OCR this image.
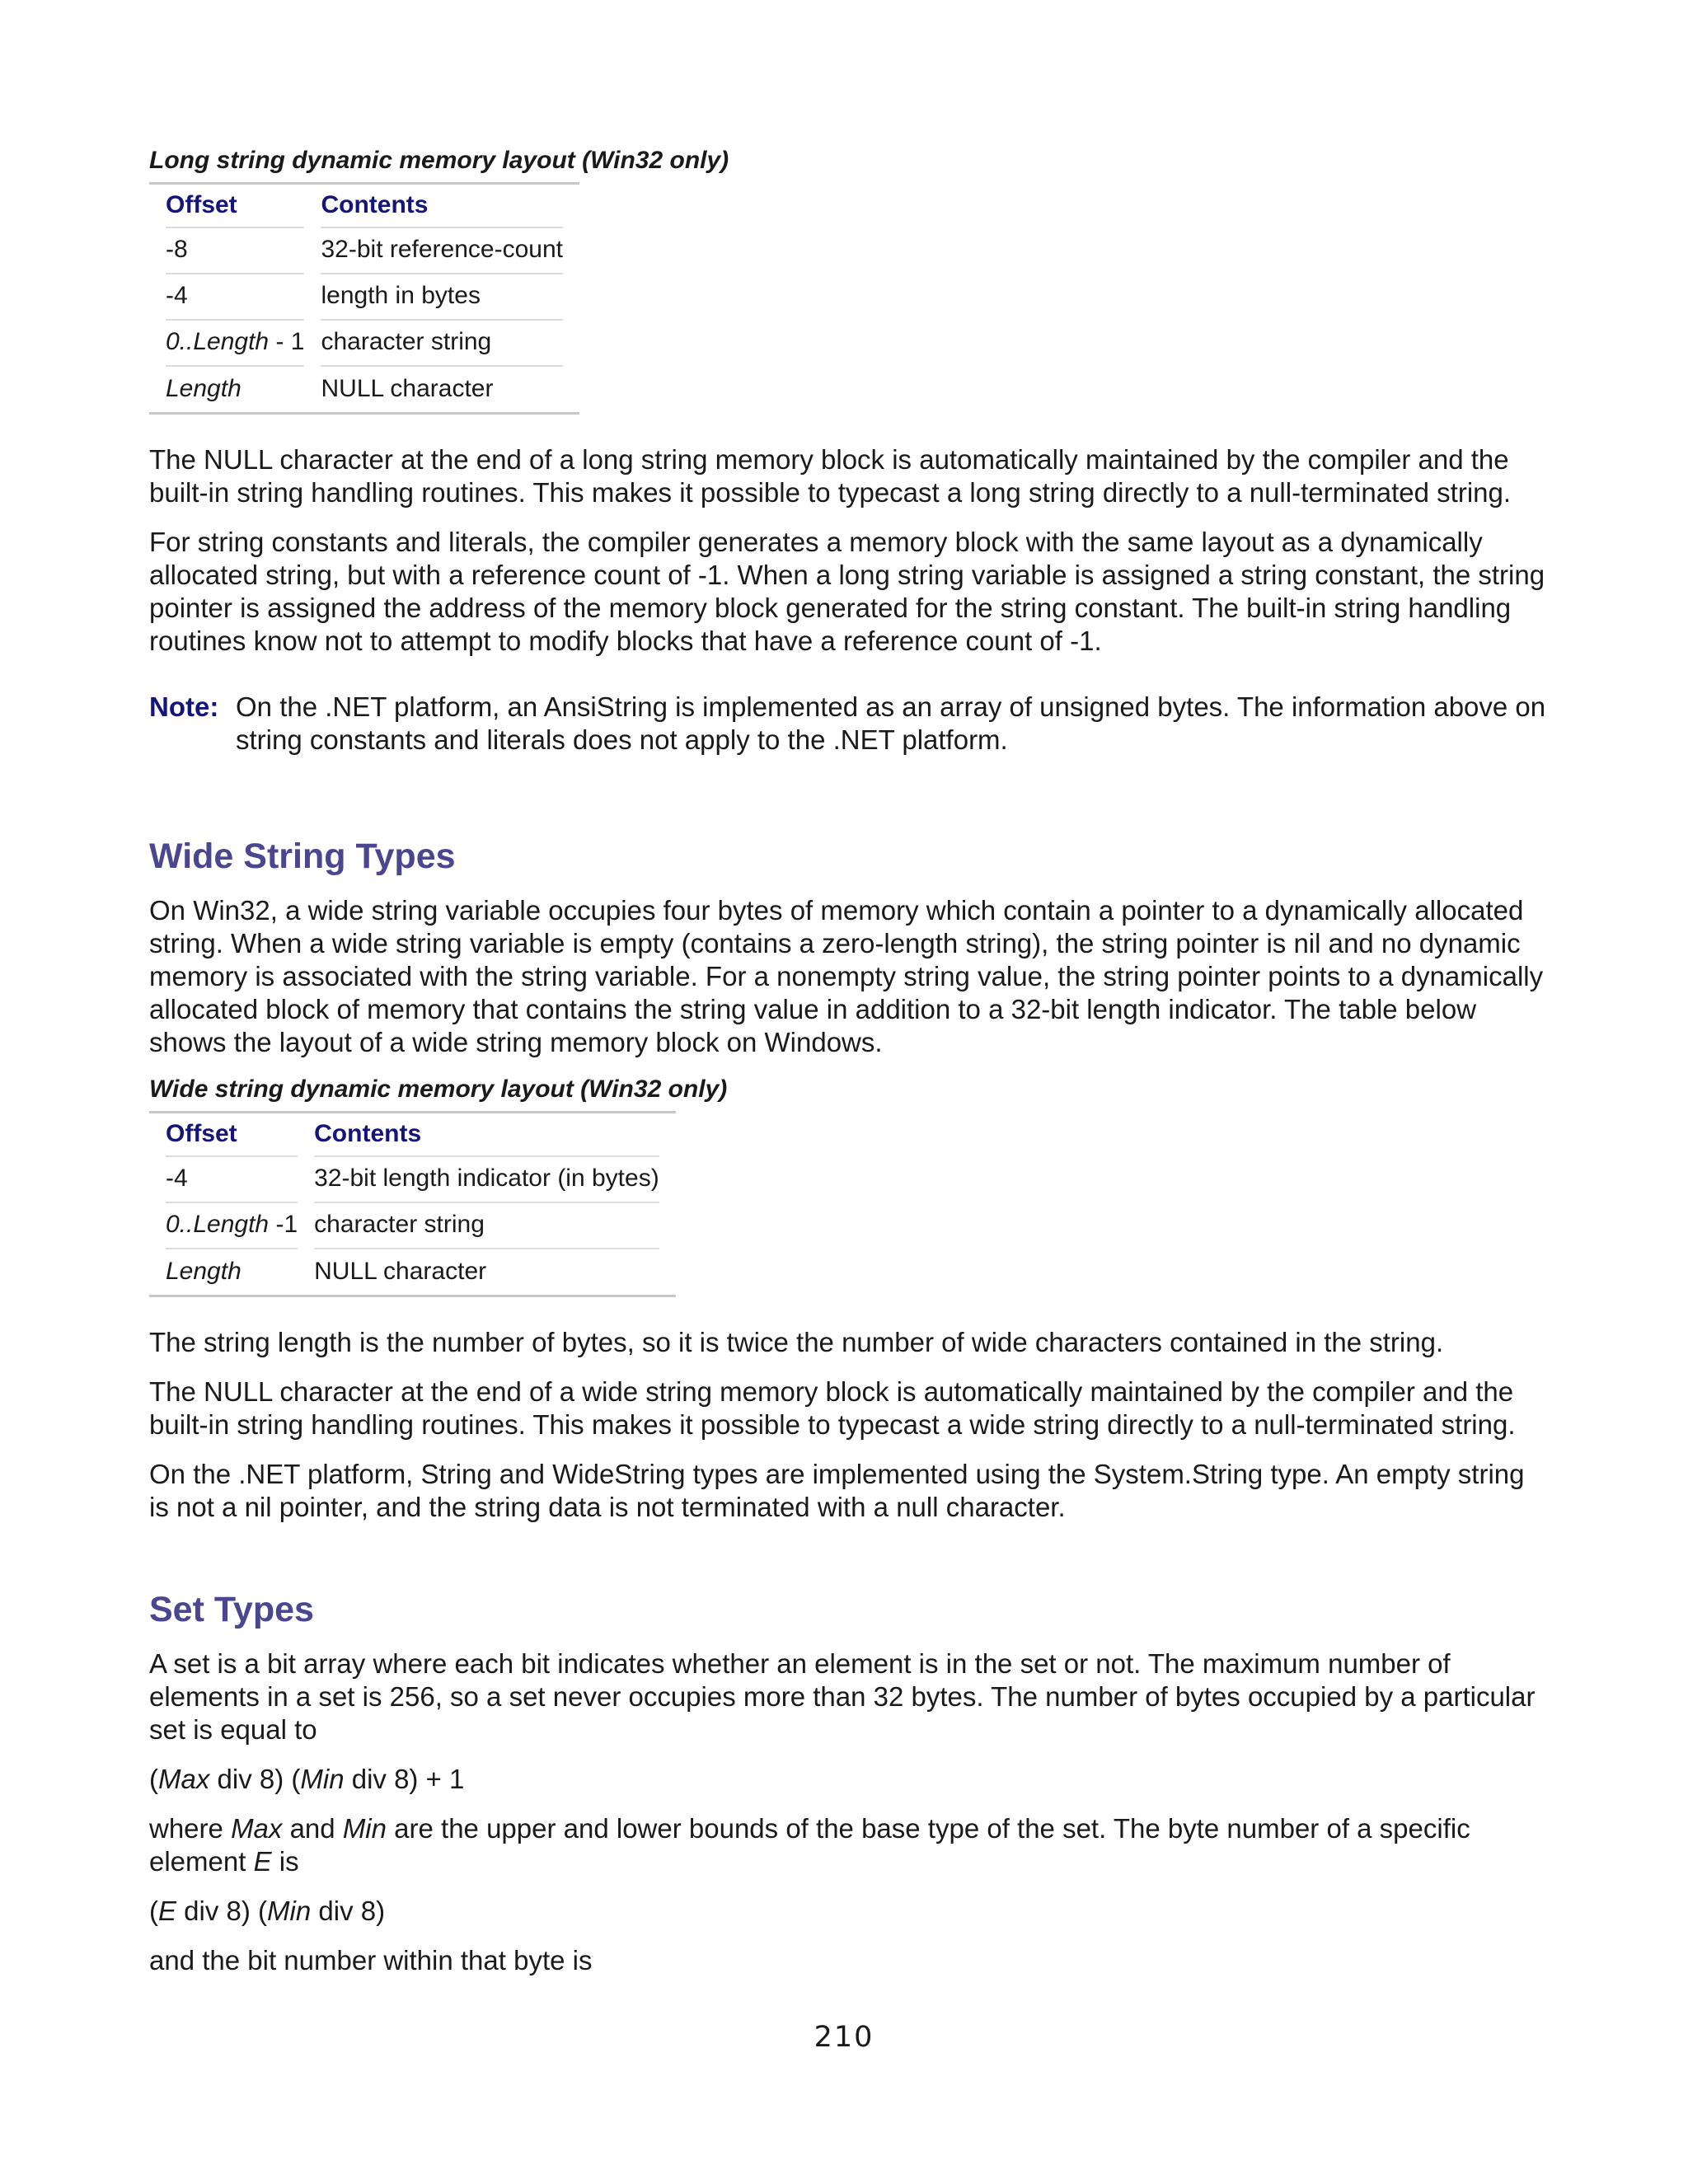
Long string dynamic memory layout (Win32 only)
Offset	Contents

-8	32-bit reference-count

-4	length in bytes

0..Length - 1	character string

Length	NULL character

The NULL character at the end of a long string memory block is automatically maintained by the compiler and the built-in string handling routines. This makes it possible to typecast a long string directly to a null-terminated string.

For string constants and literals, the compiler generates a memory block with the same layout as a dynamically allocated string, but with a reference count of -1. When a long string variable is assigned a string constant, the string pointer is assigned the address of the memory block generated for the string constant. The built-in string handling routines know not to attempt to modify blocks that have a reference count of -1.

Note: On the .NET platform, an AnsiString is implemented as an array of unsigned bytes. The information above on string constants and literals does not apply to the .NET platform.
Wide String Types

On Win32, a wide string variable occupies four bytes of memory which contain a pointer to a dynamically allocated string. When a wide string variable is empty (contains a zero-length string), the string pointer is nil and no dynamic memory is associated with the string variable. For a nonempty string value, the string pointer points to a dynamically allocated block of memory that contains the string value in addition to a 32-bit length indicator. The table below shows the layout of a wide string memory block on Windows.

Wide string dynamic memory layout (Win32 only)
Offset	Contents

-4	32-bit length indicator (in bytes)

0..Length -1	character string

Length	NULL character

The string length is the number of bytes, so it is twice the number of wide characters contained in the string.

The NULL character at the end of a wide string memory block is automatically maintained by the compiler and the built-in string handling routines. This makes it possible to typecast a wide string directly to a null-terminated string.

On the .NET platform, String and WideString types are implemented using the System.String type. An empty string is not a nil pointer, and the string data is not terminated with a null character.

Set Types

A set is a bit array where each bit indicates whether an element is in the set or not. The maximum number of elements in a set is 256, so a set never occupies more than 32 bytes. The number of bytes occupied by a particular set is equal to

(Max div 8) (Min div 8) + 1

where Max and Min are the upper and lower bounds of the base type of the set. The byte number of a specific element E is

(E div 8) (Min div 8)

and the bit number within that byte is

210
